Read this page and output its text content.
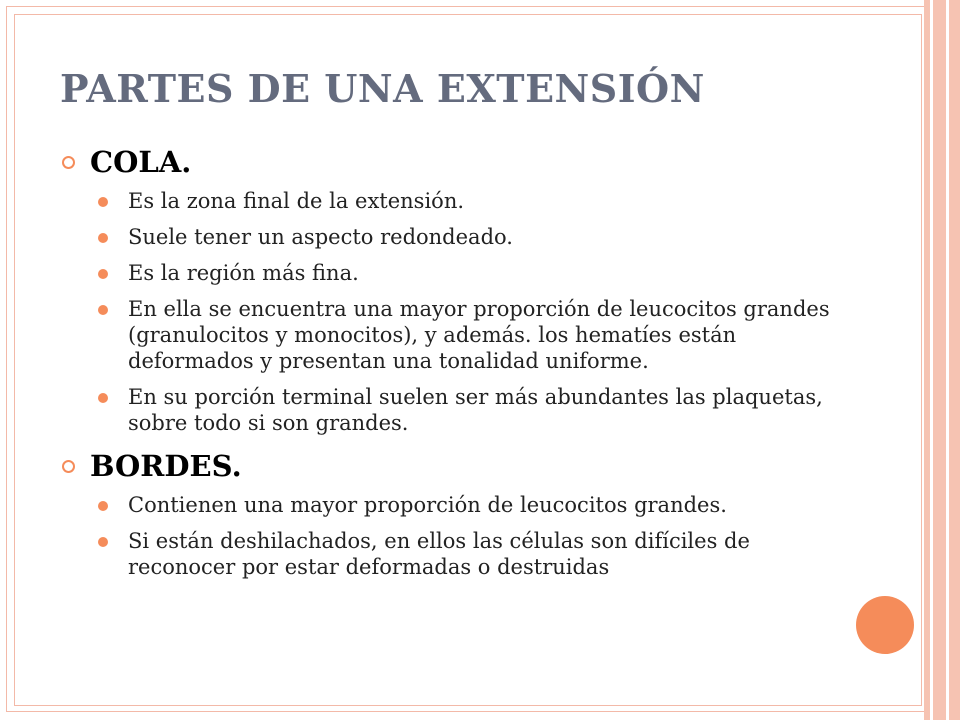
PARTES DE UNA EXTENSIÓN
COLA.
Es la zona final de la extensión.
Suele tener un aspecto redondeado.
Es la región más fina.
En ella se encuentra una mayor proporción de leucocitos grandes (granulocitos y monocitos), y además. los hematíes están deformados y presentan una tonalidad uniforme.
En su porción terminal suelen ser más abundantes las plaquetas, sobre todo si son grandes.
BORDES.
Contienen una mayor proporción de leucocitos grandes.
Si están deshilachados, en ellos las células son difíciles de reconocer por estar deformadas o destruidas
